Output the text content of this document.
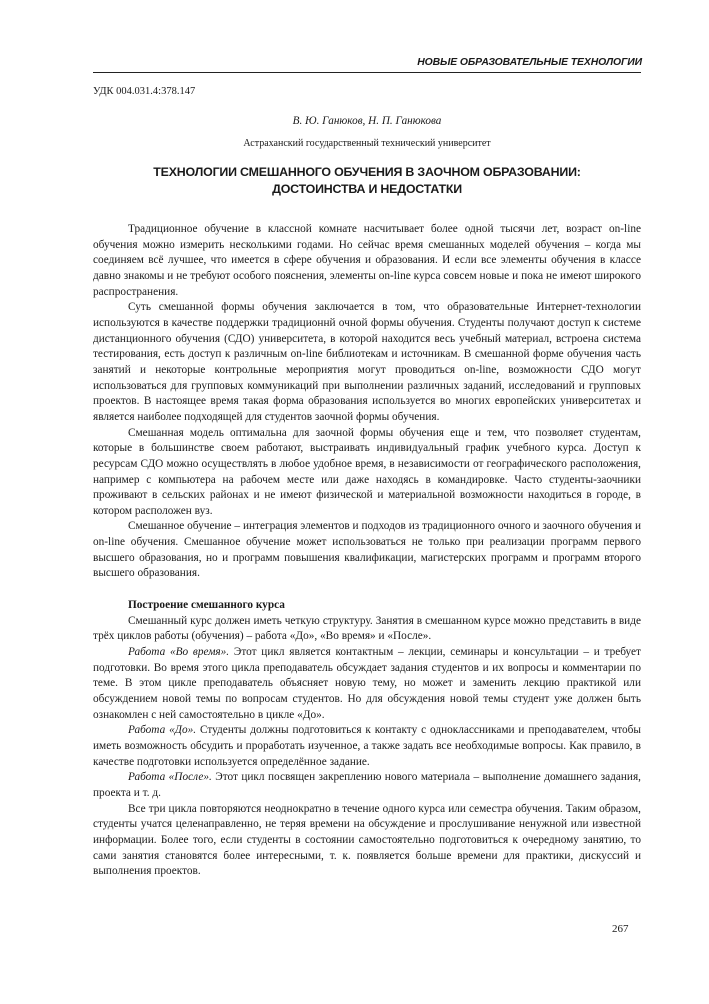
НОВЫЕ ОБРАЗОВАТЕЛЬНЫЕ ТЕХНОЛОГИИ
УДК 004.031.4:378.147
В. Ю. Ганюков, Н. П. Ганюкова
Астраханский государственный технический университет
ТЕХНОЛОГИИ СМЕШАННОГО ОБУЧЕНИЯ В ЗАОЧНОМ ОБРАЗОВАНИИ:
ДОСТОИНСТВА И НЕДОСТАТКИ

Традиционное обучение в классной комнате насчитывает более одной тысячи лет, возраст on-line обучения можно измерить несколькими годами. Но сейчас время смешанных моделей обучения – когда мы соединяем всё лучшее, что имеется в сфере обучения и образования. И если все элементы обучения в классе давно знакомы и не требуют особого пояснения, элементы on-line курса совсем новые и пока не имеют широкого распространения.

Суть смешанной формы обучения заключается в том, что образовательные Интернет-технологии используются в качестве поддержки традиционнй очной формы обучения. Студенты получают доступ к системе дистанционного обучения (СДО) университета, в которой находится весь учебный материал, встроена система тестирования, есть доступ к различным on-line библиотекам и источникам. В смешанной форме обучения часть занятий и некоторые контрольные мероприятия могут проводиться on-line, возможности СДО могут использоваться для групповых коммуникаций при выполнении различных заданий, исследований и групповых проектов. В настоящее время такая форма образования используется во многих европейских университетах и является наиболее подходящей для студентов заочной формы обучения.

Смешанная модель оптимальна для заочной формы обучения еще и тем, что позволяет студентам, которые в большинстве своем работают, выстраивать индивидуальный график учебного курса. Доступ к ресурсам СДО можно осуществлять в любое удобное время, в независимости от географического расположения, например с компьютера на рабочем месте или даже находясь в командировке. Часто студенты-заочники проживают в сельских районах и не имеют физической и материальной возможности находиться в городе, в котором расположен вуз.

Смешанное обучение – интеграция элементов и подходов из традиционного очного и заочного обучения и on-line обучения. Смешанное обучение может использоваться не только при реализации программ первого высшего образования, но и программ повышения квалификации, магистерских программ и программ второго высшего образования.

Построение смешанного курса

Смешанный курс должен иметь четкую структуру. Занятия в смешанном курсе можно представить в виде трёх циклов работы (обучения) – работа «До», «Во время» и «После».

Работа «Во время». Этот цикл является контактным – лекции, семинары и консультации – и требует подготовки. Во время этого цикла преподаватель обсуждает задания студентов и их вопросы и комментарии по теме. В этом цикле преподаватель объясняет новую тему, но может и заменить лекцию практикой или обсуждением новой темы по вопросам студентов. Но для обсуждения новой темы студент уже должен быть ознакомлен с ней самостоятельно в цикле «До».

Работа «До». Студенты должны подготовиться к контакту с одноклассниками и преподавателем, чтобы иметь возможность обсудить и проработать изученное, а также задать все необходимые вопросы. Как правило, в качестве подготовки используется определённое задание.

Работа «После». Этот цикл посвящен закреплению нового материала – выполнение домашнего задания, проекта и т. д.

Все три цикла повторяются неоднократно в течение одного курса или семестра обучения. Таким образом, студенты учатся целенаправленно, не теряя времени на обсуждение и прослушивание ненужной или известной информации. Более того, если студенты в состоянии самостоятельно подготовиться к очередному занятию, то сами занятия становятся более интересными, т. к. появляется больше времени для практики, дискуссий и выполнения проектов.

267
